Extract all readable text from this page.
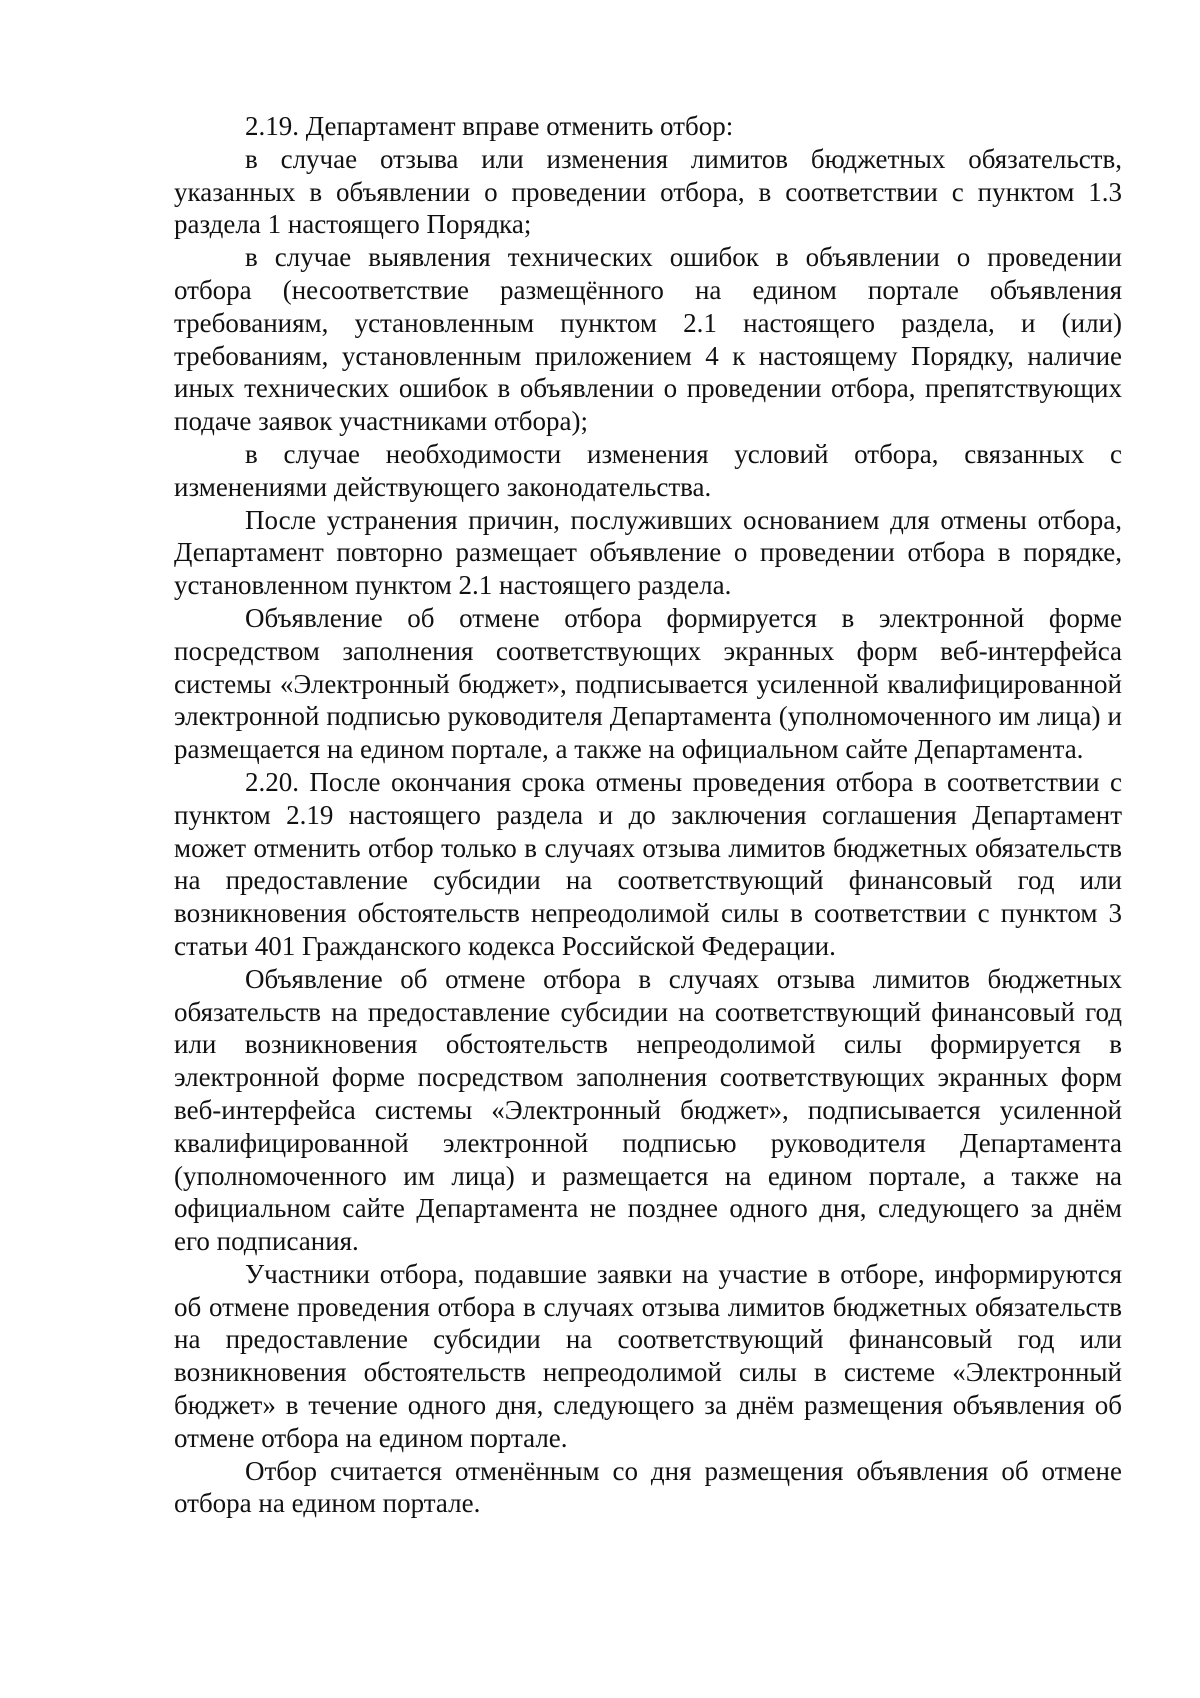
2.19. Департамент вправе отменить отбор:

в случае отзыва или изменения лимитов бюджетных обязательств, указанных в объявлении о проведении отбора, в соответствии с пунктом 1.3 раздела 1 настоящего Порядка;

в случае выявления технических ошибок в объявлении о проведении отбора (несоответствие размещённого на едином портале объявления требованиям, установленным пунктом 2.1 настоящего раздела, и (или) требованиям, установленным приложением 4 к настоящему Порядку, наличие иных технических ошибок в объявлении о проведении отбора, препятствующих подаче заявок участниками отбора);

в случае необходимости изменения условий отбора, связанных с изменениями действующего законодательства.

После устранения причин, послуживших основанием для отмены отбора, Департамент повторно размещает объявление о проведении отбора в порядке, установленном пунктом 2.1 настоящего раздела.

Объявление об отмене отбора формируется в электронной форме посредством заполнения соответствующих экранных форм веб-интерфейса системы «Электронный бюджет», подписывается усиленной квалифицированной электронной подписью руководителя Департамента (уполномоченного им лица) и размещается на едином портале, а также на официальном сайте Департамента.

2.20. После окончания срока отмены проведения отбора в соответствии с пунктом 2.19 настоящего раздела и до заключения соглашения Департамент может отменить отбор только в случаях отзыва лимитов бюджетных обязательств на предоставление субсидии на соответствующий финансовый год или возникновения обстоятельств непреодолимой силы в соответствии с пунктом 3 статьи 401 Гражданского кодекса Российской Федерации.

Объявление об отмене отбора в случаях отзыва лимитов бюджетных обязательств на предоставление субсидии на соответствующий финансовый год или возникновения обстоятельств непреодолимой силы формируется в электронной форме посредством заполнения соответствующих экранных форм веб-интерфейса системы «Электронный бюджет», подписывается усиленной квалифицированной электронной подписью руководителя Департамента (уполномоченного им лица) и размещается на едином портале, а также на официальном сайте Департамента не позднее одного дня, следующего за днём его подписания.

Участники отбора, подавшие заявки на участие в отборе, информируются об отмене проведения отбора в случаях отзыва лимитов бюджетных обязательств на предоставление субсидии на соответствующий финансовый год или возникновения обстоятельств непреодолимой силы в системе «Электронный бюджет» в течение одного дня, следующего за днём размещения объявления об отмене отбора на едином портале.

Отбор считается отменённым со дня размещения объявления об отмене отбора на едином портале.
